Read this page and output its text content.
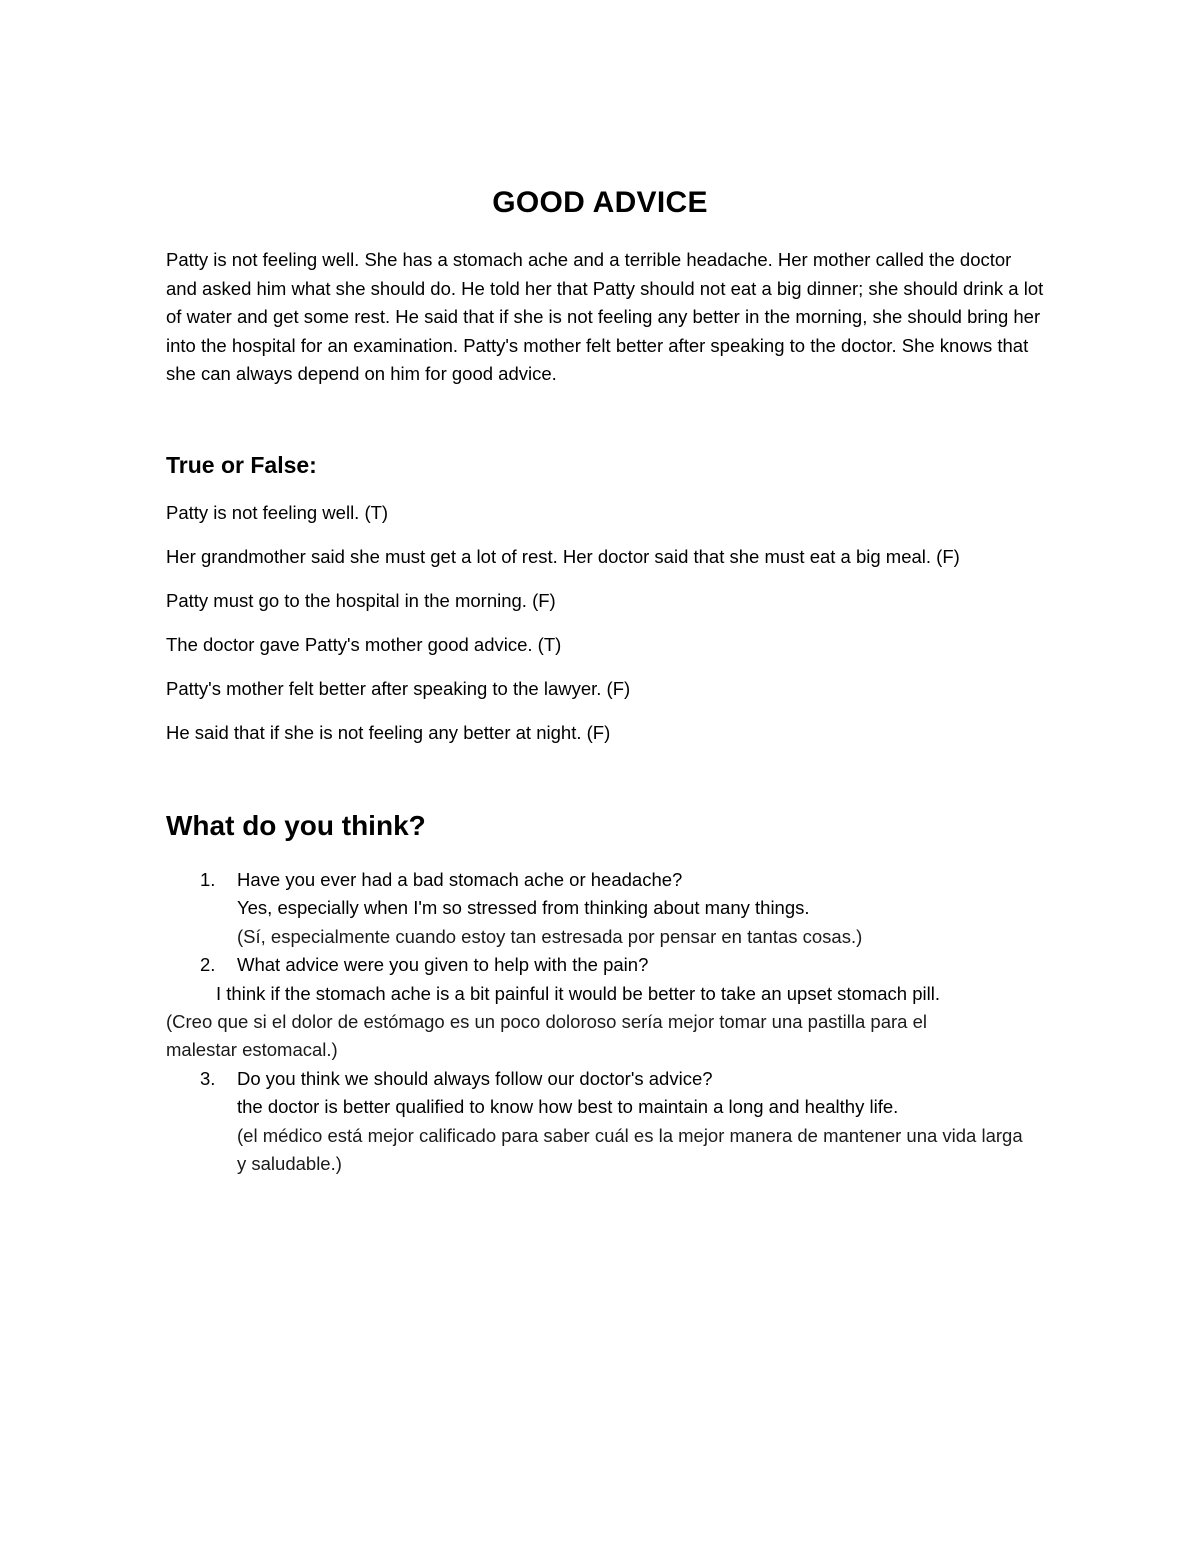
GOOD ADVICE

Patty is not feeling well. She has a stomach ache and a terrible headache. Her mother called the doctor and asked him what she should do. He told her that Patty should not eat a big dinner; she should drink a lot of water and get some rest. He said that if she is not feeling any better in the morning, she should bring her into the hospital for an examination. Patty's mother felt better after speaking to the doctor. She knows that she can always depend on him for good advice.

True or False:
Patty is not feeling well. (T)
Her grandmother said she must get a lot of rest. Her doctor said that she must eat a big meal. (F)
Patty must go to the hospital in the morning. (F)
The doctor gave Patty's mother good advice. (T)
Patty's mother felt better after speaking to the lawyer. (F)
He said that if she is not feeling any better at night. (F)
What do you think?
1. Have you ever had a bad stomach ache or headache?
Yes, especially when I'm so stressed from thinking about many things.
(Sí, especialmente cuando estoy tan estresada por pensar en tantas cosas.)
2. What advice were you given to help with the pain?
I think if the stomach ache is a bit painful it would be better to take an upset stomach pill.
(Creo que si el dolor de estómago es un poco doloroso sería mejor tomar una pastilla para el malestar estomacal.)
3. Do you think we should always follow our doctor's advice?
the doctor is better qualified to know how best to maintain a long and healthy life.
(el médico está mejor calificado para saber cuál es la mejor manera de mantener una vida larga y saludable.)
